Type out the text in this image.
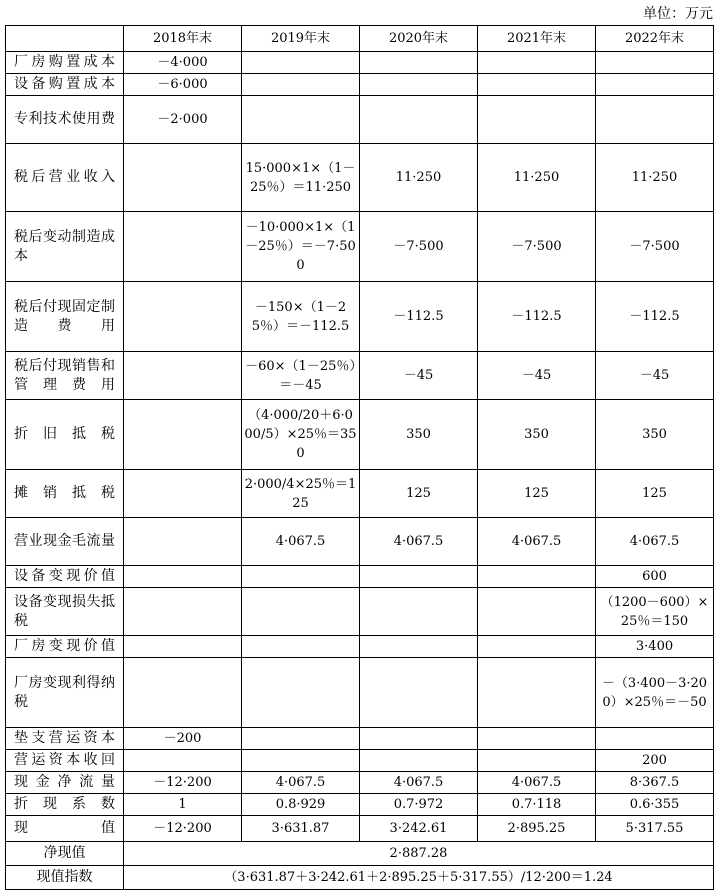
单位：万元
	2018年末	2019年末	2020年末	2021年末	2022年末
厂房购置成本	－4·000				
设备购置成本	－6·000				
专利技术使用费	－2·000				
税后营业收入		15·000×1×（1－25％）＝11·250	11·250	11·250	11·250
税后变动制造成本		－10·000×1×（1－25％）＝－7·500	－7·500	－7·500	－7·500
税后付现固定制造费用		－150×（1－25％）＝－112.5	－112.5	－112.5	－112.5
税后付现销售和管理费用		－60×（1－25％）＝－45	－45	－45	－45
折旧抵税		（4·000/20＋6·000/5）×25％＝350	350	350	350
摊销抵税		2·000/4×25％＝125	125	125	125
营业现金毛流量		4·067.5	4·067.5	4·067.5	4·067.5
设备变现价值					600
设备变现损失抵税					（1200－600）×25％＝150
厂房变现价值					3·400
厂房变现利得纳税					－（3·400－3·200）×25％＝－50
垫支营运资本	－200				
营运资本收回					200
现金净流量	－12·200	4·067.5	4·067.5	4·067.5	8·367.5
折现系数	1	0.8·929	0.7·972	0.7·118	0.6·355
现值	－12·200	3·631.87	3·242.61	2·895.25	5·317.55
净现值	2·887.28				
现值指数	（3·631.87＋3·242.61＋2·895.25＋5·317.55）/12·200＝1.24				
